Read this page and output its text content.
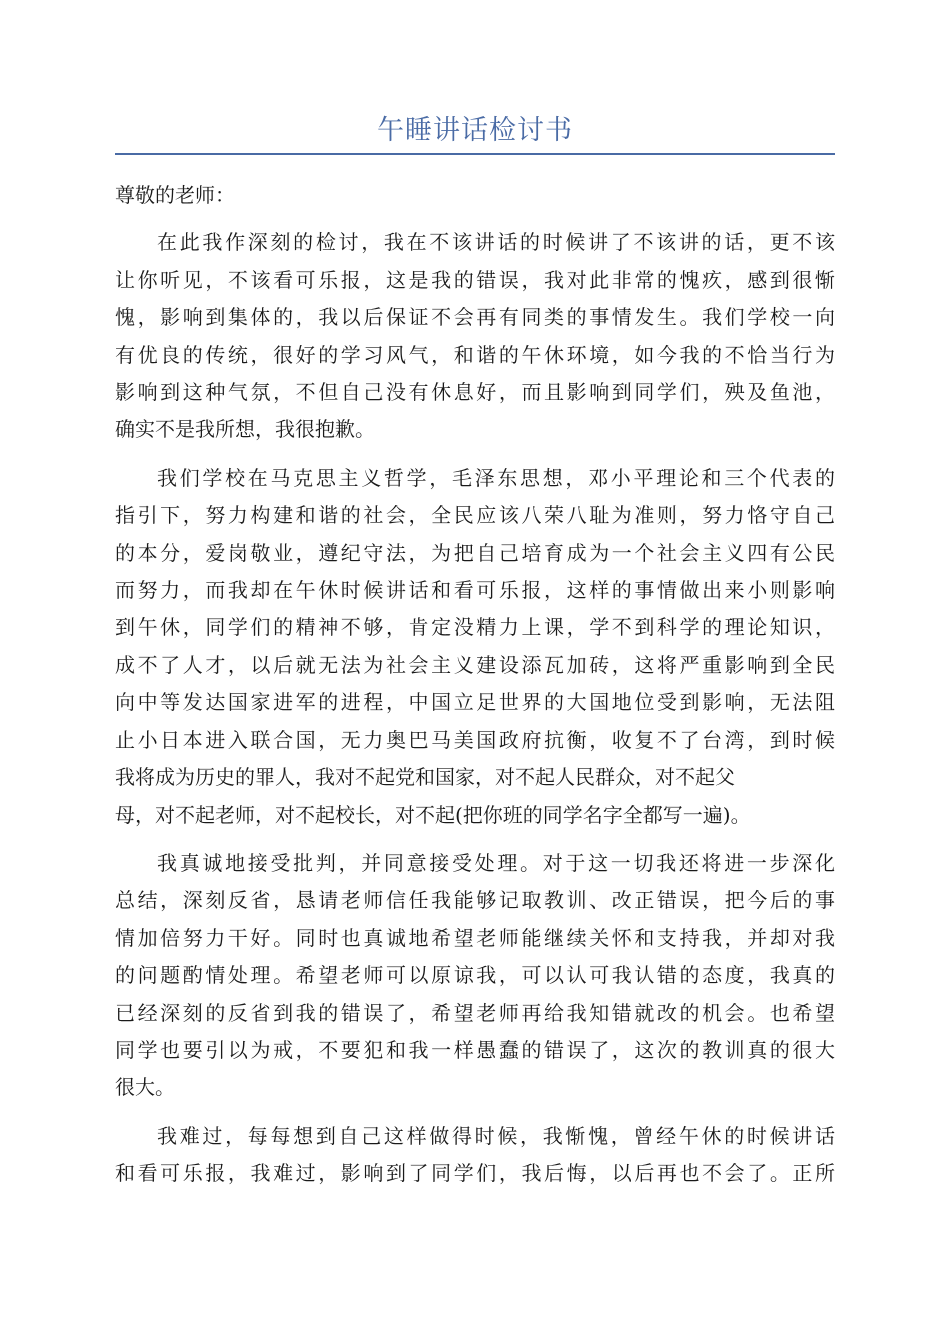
午睡讲话检讨书
尊敬的老师：
在此我作深刻的检讨，我在不该讲话的时候讲了不该讲的话，更不该
让你听见，不该看可乐报，这是我的错误，我对此非常的愧疚，感到很惭
愧，影响到集体的，我以后保证不会再有同类的事情发生。我们学校一向
有优良的传统，很好的学习风气，和谐的午休环境，如今我的不恰当行为
影响到这种气氛，不但自己没有休息好，而且影响到同学们，殃及鱼池，
确实不是我所想，我很抱歉。
我们学校在马克思主义哲学，毛泽东思想，邓小平理论和三个代表的
指引下，努力构建和谐的社会，全民应该八荣八耻为准则，努力恪守自己
的本分，爱岗敬业，遵纪守法，为把自己培育成为一个社会主义四有公民
而努力，而我却在午休时候讲话和看可乐报，这样的事情做出来小则影响
到午休，同学们的精神不够，肯定没精力上课，学不到科学的理论知识，
成不了人才，以后就无法为社会主义建设添瓦加砖，这将严重影响到全民
向中等发达国家进军的进程，中国立足世界的大国地位受到影响，无法阻
止小日本进入联合国，无力奥巴马美国政府抗衡，收复不了台湾，到时候
我将成为历史的罪人，我对不起党和国家，对不起人民群众，对不起父
母，对不起老师，对不起校长，对不起(把你班的同学名字全都写一遍)。
我真诚地接受批判，并同意接受处理。对于这一切我还将进一步深化
总结，深刻反省，恳请老师信任我能够记取教训、改正错误，把今后的事
情加倍努力干好。同时也真诚地希望老师能继续关怀和支持我，并却对我
的问题酌情处理。希望老师可以原谅我，可以认可我认错的态度，我真的
已经深刻的反省到我的错误了，希望老师再给我知错就改的机会。也希望
同学也要引以为戒，不要犯和我一样愚蠢的错误了，这次的教训真的很大
很大。
我难过，每每想到自己这样做得时候，我惭愧，曾经午休的时候讲话
和看可乐报，我难过，影响到了同学们，我后悔，以后再也不会了。正所
